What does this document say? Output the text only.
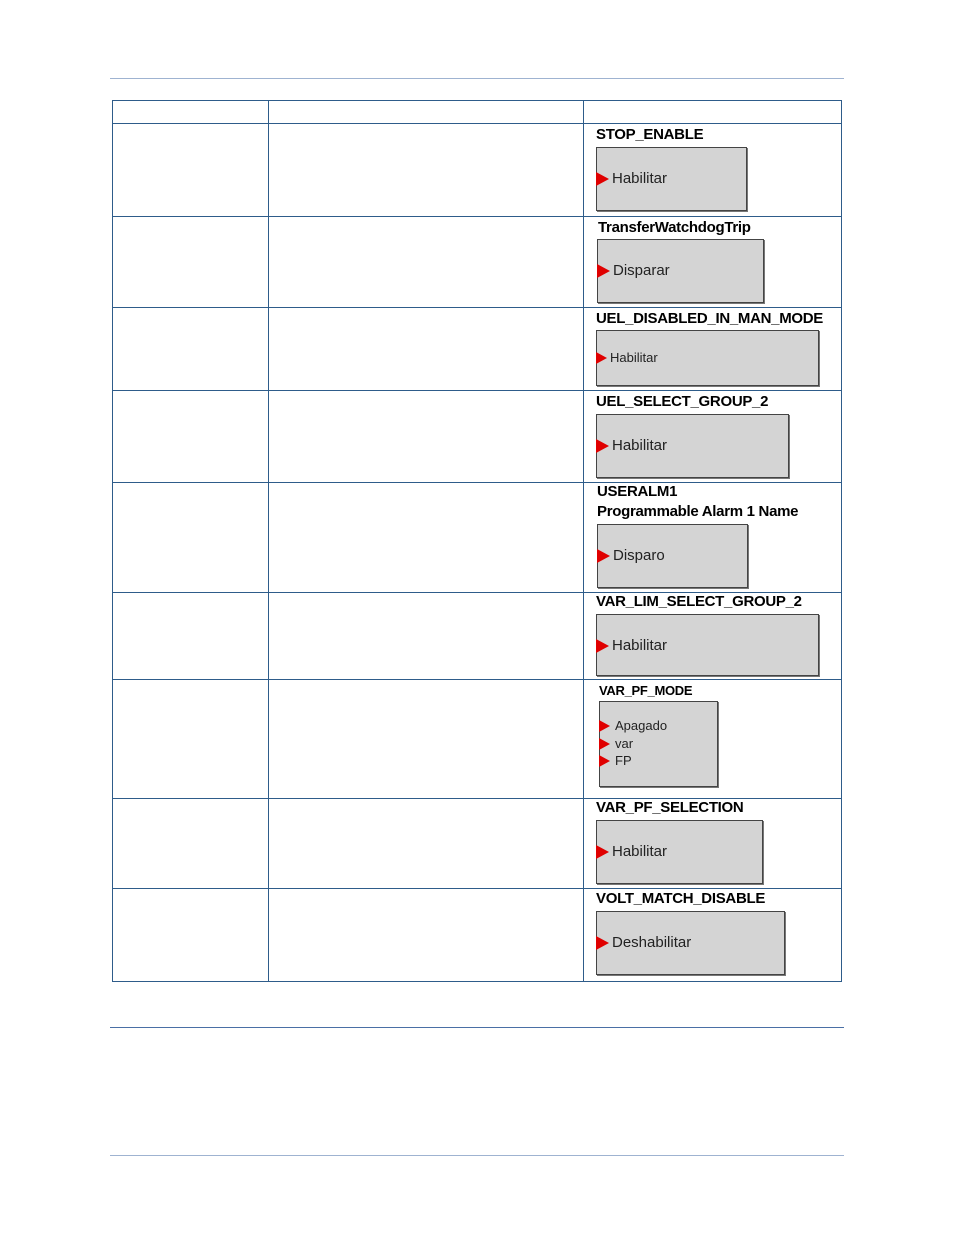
STOP_ENABLE
Habilitar
TransferWatchdogTrip
Disparar
UEL_DISABLED_IN_MAN_MODE
Habilitar
UEL_SELECT_GROUP_2
Habilitar
USERALM1
Programmable Alarm 1 Name
Disparo
VAR_LIM_SELECT_GROUP_2
Habilitar
VAR_PF_MODE
Apagado
var
FP
VAR_PF_SELECTION
Habilitar
VOLT_MATCH_DISABLE
Deshabilitar
